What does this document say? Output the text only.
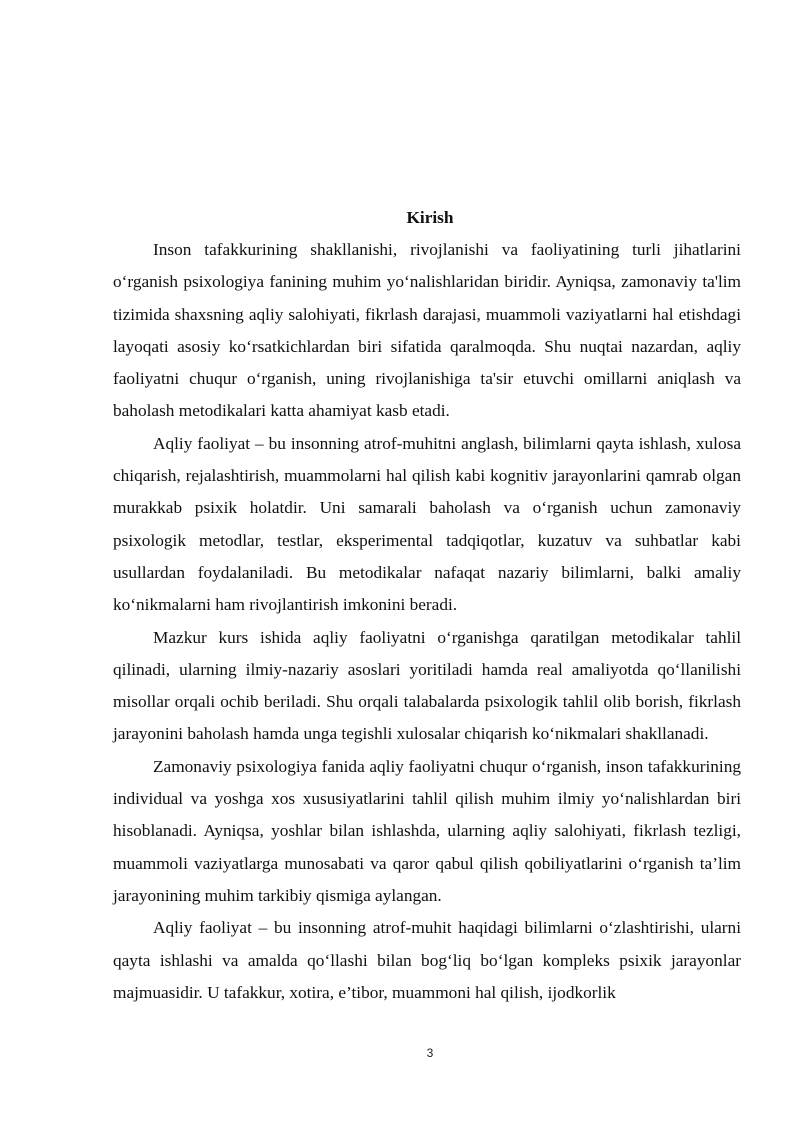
Kirish

Inson tafakkurining shakllanishi, rivojlanishi va faoliyatining turli jihatlarini o‘rganish psixologiya fanining muhim yo‘nalishlaridan biridir. Ayniqsa, zamonaviy ta'lim tizimida shaxsning aqliy salohiyati, fikrlash darajasi, muammoli vaziyatlarni hal etishdagi layoqati asosiy ko‘rsatkichlardan biri sifatida qaralmoqda. Shu nuqtai nazardan, aqliy faoliyatni chuqur o‘rganish, uning rivojlanishiga ta'sir etuvchi omillarni aniqlash va baholash metodikalari katta ahamiyat kasb etadi.

Aqliy faoliyat – bu insonning atrof-muhitni anglash, bilimlarni qayta ishlash, xulosa chiqarish, rejalashtirish, muammolarni hal qilish kabi kognitiv jarayonlarini qamrab olgan murakkab psixik holatdir. Uni samarali baholash va o‘rganish uchun zamonaviy psixologik metodlar, testlar, eksperimental tadqiqotlar, kuzatuv va suhbatlar kabi usullardan foydalaniladi. Bu metodikalar nafaqat nazariy bilimlarni, balki amaliy ko‘nikmalarni ham rivojlantirish imkonini beradi.

Mazkur kurs ishida aqliy faoliyatni o‘rganishga qaratilgan metodikalar tahlil qilinadi, ularning ilmiy-nazariy asoslari yoritiladi hamda real amaliyotda qo‘llanilishi misollar orqali ochib beriladi. Shu orqali talabalarda psixologik tahlil olib borish, fikrlash jarayonini baholash hamda unga tegishli xulosalar chiqarish ko‘nikmalari shakllanadi.

Zamonaviy psixologiya fanida aqliy faoliyatni chuqur o‘rganish, inson tafakkurining individual va yoshga xos xususiyatlarini tahlil qilish muhim ilmiy yo‘nalishlardan biri hisoblanadi. Ayniqsa, yoshlar bilan ishlashda, ularning aqliy salohiyati, fikrlash tezligi, muammoli vaziyatlarga munosabati va qaror qabul qilish qobiliyatlarini o‘rganish ta’lim jarayonining muhim tarkibiy qismiga aylangan.

Aqliy faoliyat – bu insonning atrof-muhit haqidagi bilimlarni o‘zlashtirishi, ularni qayta ishlashi va amalda qo‘llashi bilan bog‘liq bo‘lgan kompleks psixik jarayonlar majmuasidir. U tafakkur, xotira, e’tibor, muammoni hal qilish, ijodkorlik

3
